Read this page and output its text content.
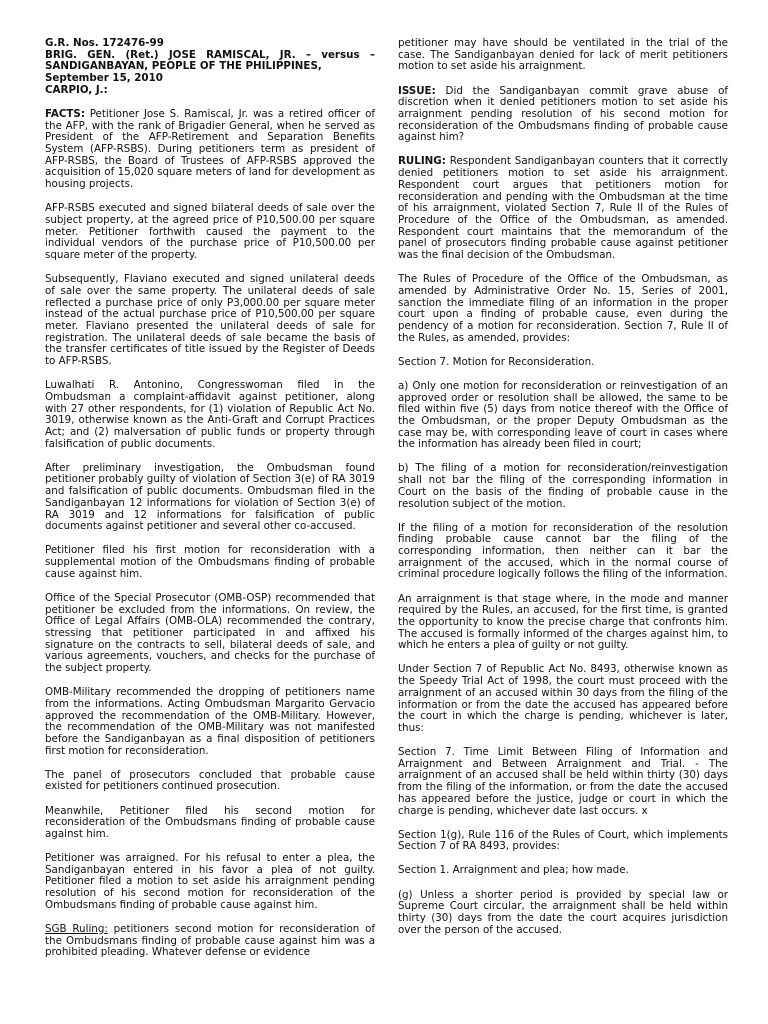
G.R. Nos. 172476-99
BRIG. GEN. (Ret.) JOSE RAMISCAL, JR. – versus – SANDIGANBAYAN, PEOPLE OF THE PHILIPPINES,
September 15, 2010
CARPIO, J.:

FACTS: Petitioner Jose S. Ramiscal, Jr. was a retired officer of the AFP, with the rank of Brigadier General, when he served as President of the AFP-Retirement and Separation Benefits System (AFP-RSBS). During petitioners term as president of AFP-RSBS, the Board of Trustees of AFP-RSBS approved the acquisition of 15,020 square meters of land for development as housing projects.

AFP-RSBS executed and signed bilateral deeds of sale over the subject property, at the agreed price of P10,500.00 per square meter. Petitioner forthwith caused the payment to the individual vendors of the purchase price of P10,500.00 per square meter of the property.

Subsequently, Flaviano executed and signed unilateral deeds of sale over the same property. The unilateral deeds of sale reflected a purchase price of only P3,000.00 per square meter instead of the actual purchase price of P10,500.00 per square meter. Flaviano presented the unilateral deeds of sale for registration. The unilateral deeds of sale became the basis of the transfer certificates of title issued by the Register of Deeds to AFP-RSBS.

Luwalhati R. Antonino, Congresswoman filed in the Ombudsman a complaint-affidavit against petitioner, along with 27 other respondents, for (1) violation of Republic Act No. 3019, otherwise known as the Anti-Graft and Corrupt Practices Act; and (2) malversation of public funds or property through falsification of public documents.

After preliminary investigation, the Ombudsman found petitioner probably guilty of violation of Section 3(e) of RA 3019 and falsification of public documents. Ombudsman filed in the Sandiganbayan 12 informations for violation of Section 3(e) of RA 3019 and 12 informations for falsification of public documents against petitioner and several other co-accused.

Petitioner filed his first motion for reconsideration with a supplemental motion of the Ombudsmans finding of probable cause against him.

Office of the Special Prosecutor (OMB-OSP) recommended that petitioner be excluded from the informations. On review, the Office of Legal Affairs (OMB-OLA) recommended the contrary, stressing that petitioner participated in and affixed his signature on the contracts to sell, bilateral deeds of sale, and various agreements, vouchers, and checks for the purchase of the subject property.

OMB-Military recommended the dropping of petitioners name from the informations. Acting Ombudsman Margarito Gervacio approved the recommendation of the OMB-Military. However, the recommendation of the OMB-Military was not manifested before the Sandiganbayan as a final disposition of petitioners first motion for reconsideration.

The panel of prosecutors concluded that probable cause existed for petitioners continued prosecution.

Meanwhile, Petitioner filed his second motion for reconsideration of the Ombudsmans finding of probable cause against him.

Petitioner was arraigned. For his refusal to enter a plea, the Sandiganbayan entered in his favor a plea of not guilty. Petitioner filed a motion to set aside his arraignment pending resolution of his second motion for reconsideration of the Ombudsmans finding of probable cause against him.

SGB Ruling: petitioners second motion for reconsideration of the Ombudsmans finding of probable cause against him was a prohibited pleading. Whatever defense or evidence

petitioner may have should be ventilated in the trial of the case. The Sandiganbayan denied for lack of merit petitioners motion to set aside his arraignment.

ISSUE: Did the Sandiganbayan commit grave abuse of discretion when it denied petitioners motion to set aside his arraignment pending resolution of his second motion for reconsideration of the Ombudsmans finding of probable cause against him?

RULING: Respondent Sandiganbayan counters that it correctly denied petitioners motion to set aside his arraignment. Respondent court argues that petitioners motion for reconsideration and pending with the Ombudsman at the time of his arraignment, violated Section 7, Rule II of the Rules of Procedure of the Office of the Ombudsman, as amended. Respondent court maintains that the memorandum of the panel of prosecutors finding probable cause against petitioner was the final decision of the Ombudsman.

The Rules of Procedure of the Office of the Ombudsman, as amended by Administrative Order No. 15, Series of 2001, sanction the immediate filing of an information in the proper court upon a finding of probable cause, even during the pendency of a motion for reconsideration. Section 7, Rule II of the Rules, as amended, provides:

Section 7. Motion for Reconsideration.

a) Only one motion for reconsideration or reinvestigation of an approved order or resolution shall be allowed, the same to be filed within five (5) days from notice thereof with the Office of the Ombudsman, or the proper Deputy Ombudsman as the case may be, with corresponding leave of court in cases where the information has already been filed in court;

b) The filing of a motion for reconsideration/reinvestigation shall not bar the filing of the corresponding information in Court on the basis of the finding of probable cause in the resolution subject of the motion.

If the filing of a motion for reconsideration of the resolution finding probable cause cannot bar the filing of the corresponding information, then neither can it bar the arraignment of the accused, which in the normal course of criminal procedure logically follows the filing of the information.

An arraignment is that stage where, in the mode and manner required by the Rules, an accused, for the first time, is granted the opportunity to know the precise charge that confronts him. The accused is formally informed of the charges against him, to which he enters a plea of guilty or not guilty.

Under Section 7 of Republic Act No. 8493, otherwise known as the Speedy Trial Act of 1998, the court must proceed with the arraignment of an accused within 30 days from the filing of the information or from the date the accused has appeared before the court in which the charge is pending, whichever is later, thus:

Section 7. Time Limit Between Filing of Information and Arraignment and Between Arraignment and Trial. - The arraignment of an accused shall be held within thirty (30) days from the filing of the information, or from the date the accused has appeared before the justice, judge or court in which the charge is pending, whichever date last occurs. x

Section 1(g), Rule 116 of the Rules of Court, which implements Section 7 of RA 8493, provides:

Section 1. Arraignment and plea; how made.

(g) Unless a shorter period is provided by special law or Supreme Court circular, the arraignment shall be held within thirty (30) days from the date the court acquires jurisdiction over the person of the accused.
